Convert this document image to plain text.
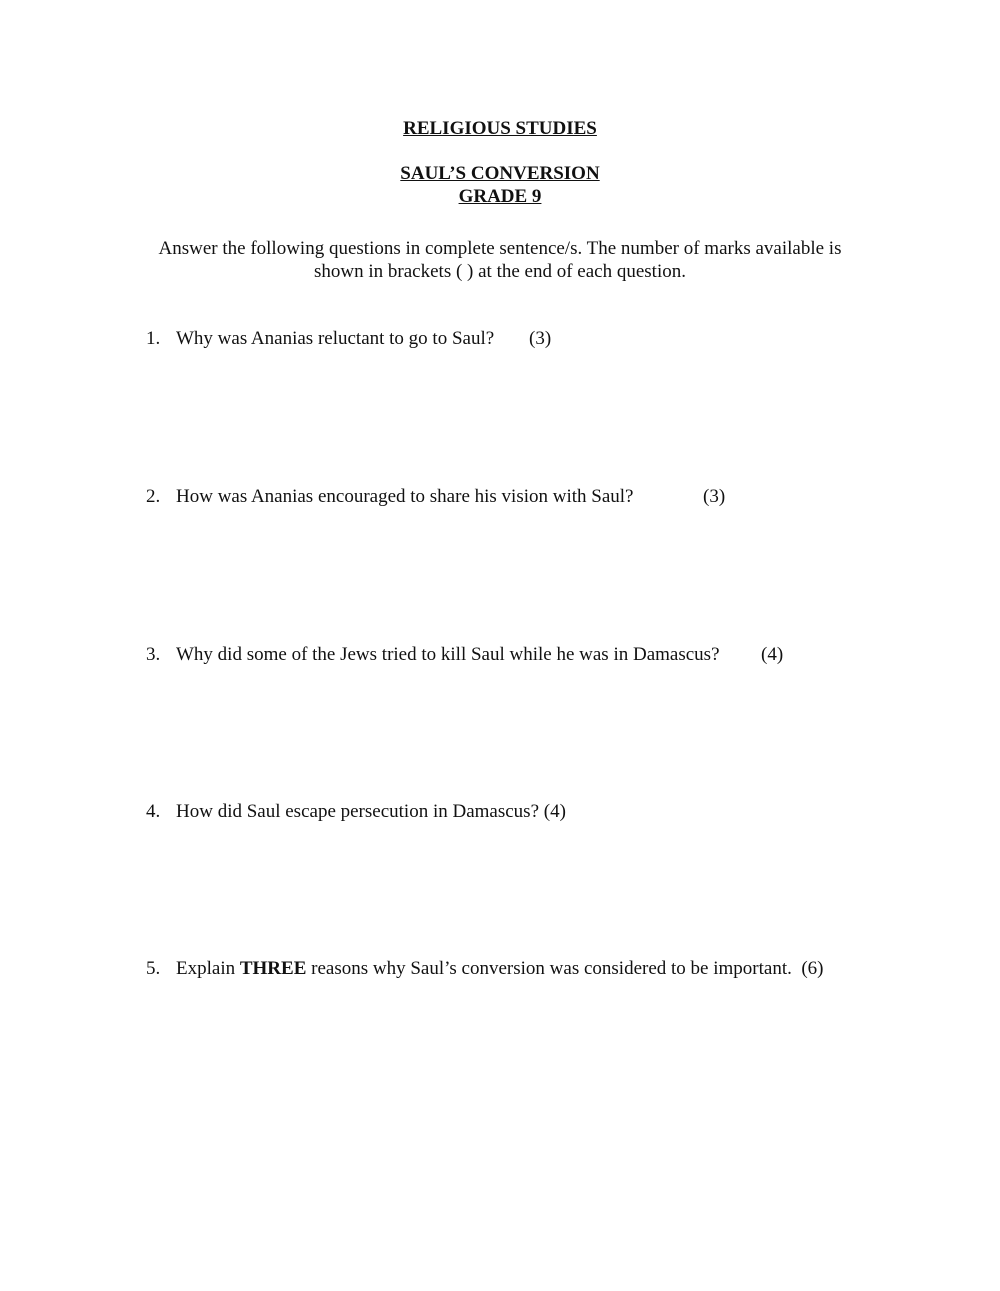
RELIGIOUS STUDIES
SAUL’S CONVERSION
GRADE 9
Answer the following questions in complete sentence/s. The number of marks available is
shown in brackets ( ) at the end of each question.
1. Why was Ananias reluctant to go to Saul? (3)
2. How was Ananias encouraged to share his vision with Saul?	(3)
3. Why did some of the Jews tried to kill Saul while he was in Damascus? (4)
4. How did Saul escape persecution in Damascus? (4)
5. Explain THREE reasons why Saul’s conversion was considered to be important. (6)
